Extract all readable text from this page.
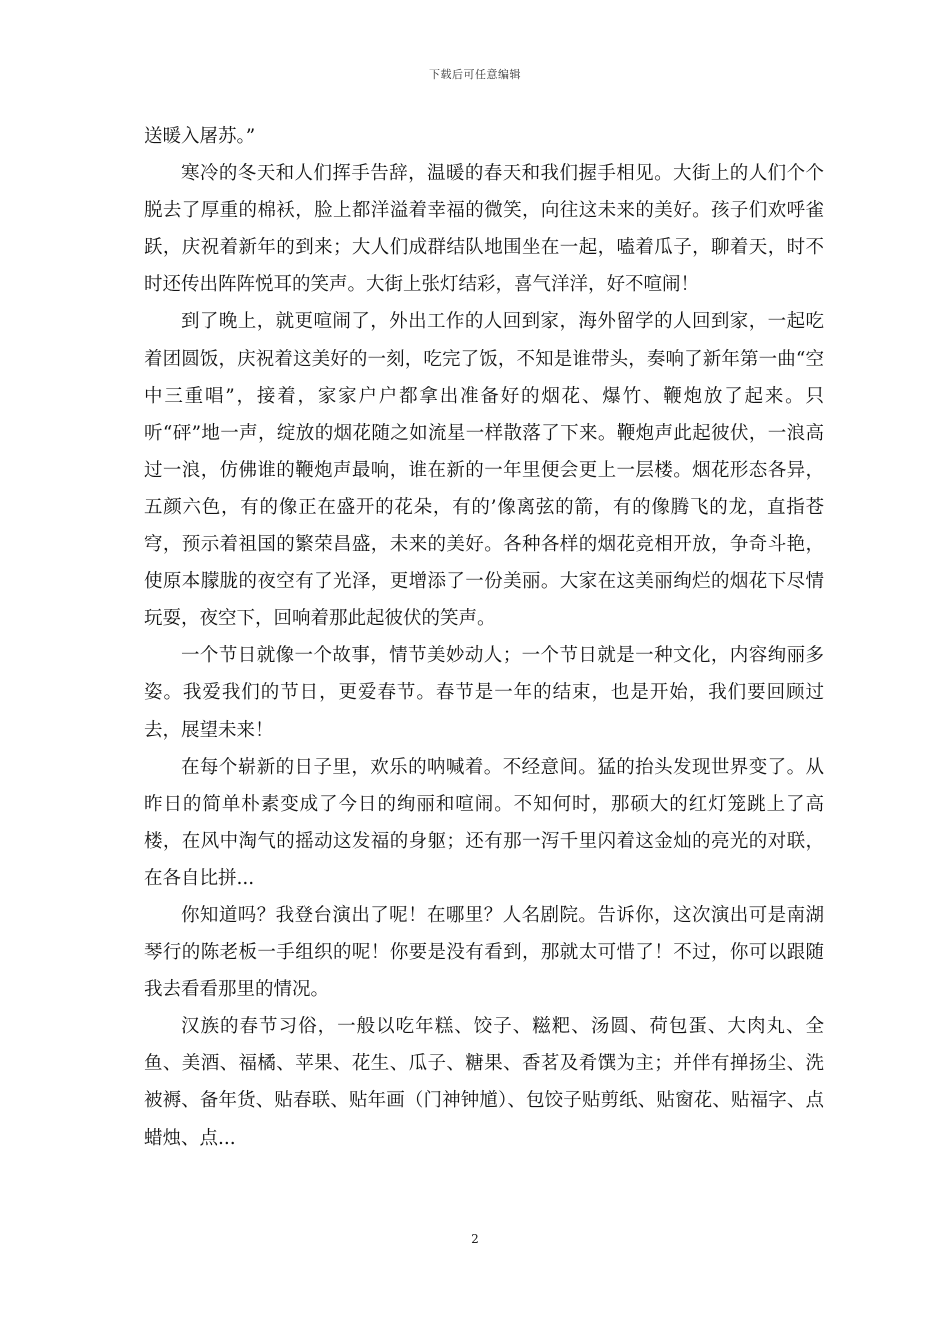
下载后可任意编辑

送暖入屠苏。”

寒冷的冬天和人们挥手告辞，温暖的春天和我们握手相见。大街上的人们个个脱去了厚重的棉袄，脸上都洋溢着幸福的微笑，向往这未来的美好。孩子们欢呼雀跃，庆祝着新年的到来；大人们成群结队地围坐在一起，嗑着瓜子，聊着天，时不时还传出阵阵悦耳的笑声。大街上张灯结彩，喜气洋洋，好不喧闹！

到了晚上，就更喧闹了，外出工作的人回到家，海外留学的人回到家，一起吃着团圆饭，庆祝着这美好的一刻，吃完了饭，不知是谁带头，奏响了新年第一曲“空中三重唱”，接着，家家户户都拿出准备好的烟花、爆竹、鞭炮放了起来。只听“砰”地一声，绽放的烟花随之如流星一样散落了下来。鞭炮声此起彼伏，一浪高过一浪，仿佛谁的鞭炮声最响，谁在新的一年里便会更上一层楼。烟花形态各异，五颜六色，有的像正在盛开的花朵，有的’像离弦的箭，有的像腾飞的龙，直指苍穹，预示着祖国的繁荣昌盛，未来的美好。各种各样的烟花竞相开放，争奇斗艳，使原本朦胧的夜空有了光泽，更增添了一份美丽。大家在这美丽绚烂的烟花下尽情玩耍，夜空下，回响着那此起彼伏的笑声。

一个节日就像一个故事，情节美妙动人；一个节日就是一种文化，内容绚丽多姿。我爱我们的节日，更爱春节。春节是一年的结束，也是开始，我们要回顾过去，展望未来！

在每个崭新的日子里，欢乐的呐喊着。不经意间。猛的抬头发现世界变了。从昨日的简单朴素变成了今日的绚丽和喧闹。不知何时，那硕大的红灯笼跳上了高楼，在风中淘气的摇动这发福的身躯；还有那一泻千里闪着这金灿的亮光的对联，在各自比拼...

你知道吗？我登台演出了呢！在哪里？人名剧院。告诉你，这次演出可是南湖琴行的陈老板一手组织的呢！你要是没有看到，那就太可惜了！不过，你可以跟随我去看看那里的情况。

汉族的春节习俗，一般以吃年糕、饺子、糍粑、汤圆、荷包蛋、大肉丸、全鱼、美酒、福橘、苹果、花生、瓜子、糖果、香茗及肴馔为主；并伴有掸扬尘、洗被褥、备年货、贴春联、贴年画（门神钟馗）、包饺子贴剪纸、贴窗花、贴福字、点蜡烛、点...

2
